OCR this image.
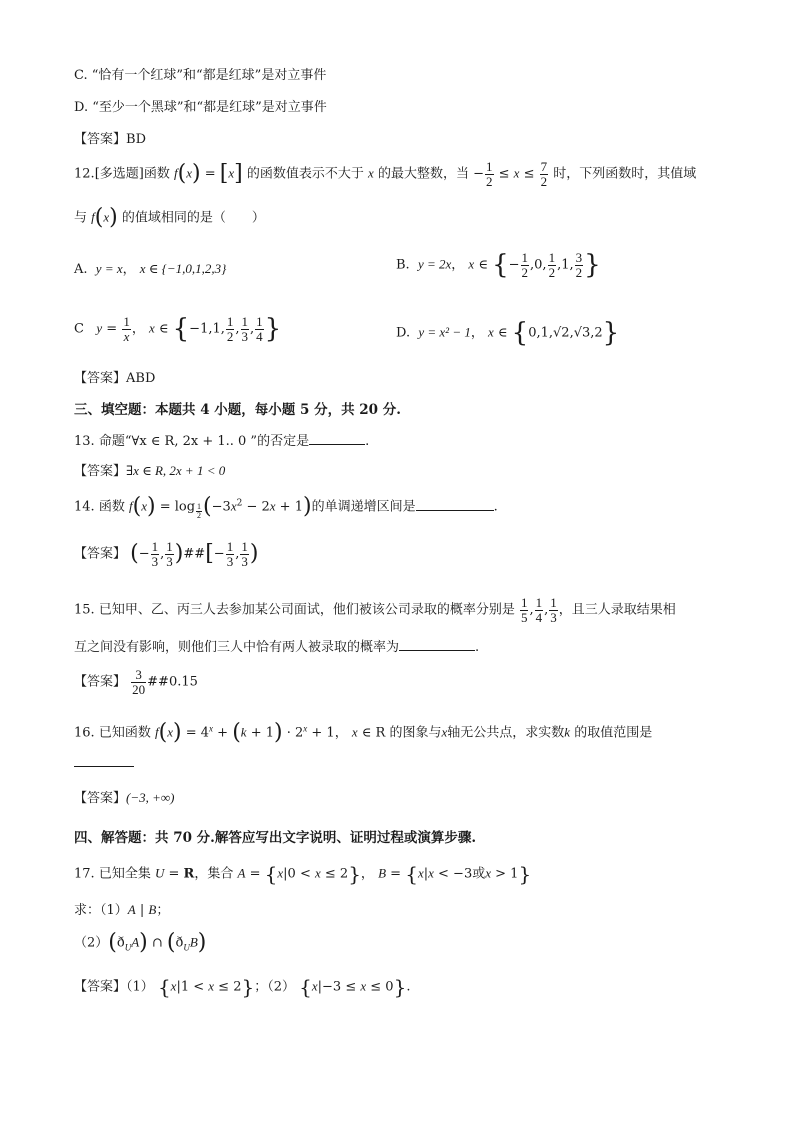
C. “恰有一个红球”和“都是红球”是对立事件
D. “至少一个黑球”和“都是红球”是对立事件
【答案】BD
12.[多选题]函数 f(x) = [x] 的函数值表示不大于 x 的最大整数，当 − $\frac{1}{2} \le x \le \frac{7}{2}$ 时，下列函数时，其值域
与 f(x) 的值域相同的是（　　）
A. y = x， x ∈ {−1,0,1,2,3}	B. y = 2x， x ∈ {− $\frac{1}{2} ,0$, $\frac{1}{2} ,1$, $\frac{3}{2}$ }
C $y = \frac{1}{x}$ ， x ∈ {−1,1, $\frac{1}{2}$ , $\frac{1}{3}$ , $\frac{1}{4}$ }	D. y = x² − 1， x ∈ {0,1,√2,√3,2}
【答案】ABD
三、填空题：本题共 4 小题，每小题 5 分，共 20 分.
13. 命题“∀x ∈ R, 2x + 1.. 0 ”的否定是	.
【答案】∃x ∈ R, 2x + 1 < 0
14. 函数 f(x) = log $_{\frac{1}{2}}$ $(-3x^2 - 2x + 1)$的单调递增区间是	.
【答案】 (− $\frac{1}{3}$ , $\frac{1}{3}$ )##[− $\frac{1}{3}$ , $\frac{1}{3}$ )
15. 已知甲、乙、丙三人去参加某公司面试，他们被该公司录取的概率分别是 $\frac{1}{5}$ , $\frac{1}{4}$ , $\frac{1}{3}$ ，且三人录取结果相
互之间没有影响，则他们三人中恰有两人被录取的概率为	.
【答案】 $\frac{3}{20}$ ##0.15
16. 已知函数 $f(x) = 4^x + (k + 1) \cdot 2^x + 1$， x ∈ R 的图象与x轴无公共点，求实数k 的取值范围是
【答案】(−3, +∞)
四、解答题：共 70 分.解答应写出文字说明、证明过程或演算步骤.
17. 已知全集 U = R，集合 A = {x|0 < x ≤ 2}， B = {x|x < −3或x > 1}
求：（1）A | B；
$(2)(ð_UA)$ ∩ $(ð_UB)$
【答案】（1） {x|1 < x ≤ 2}；（2） {x|−3 ≤ x ≤ 0}.
